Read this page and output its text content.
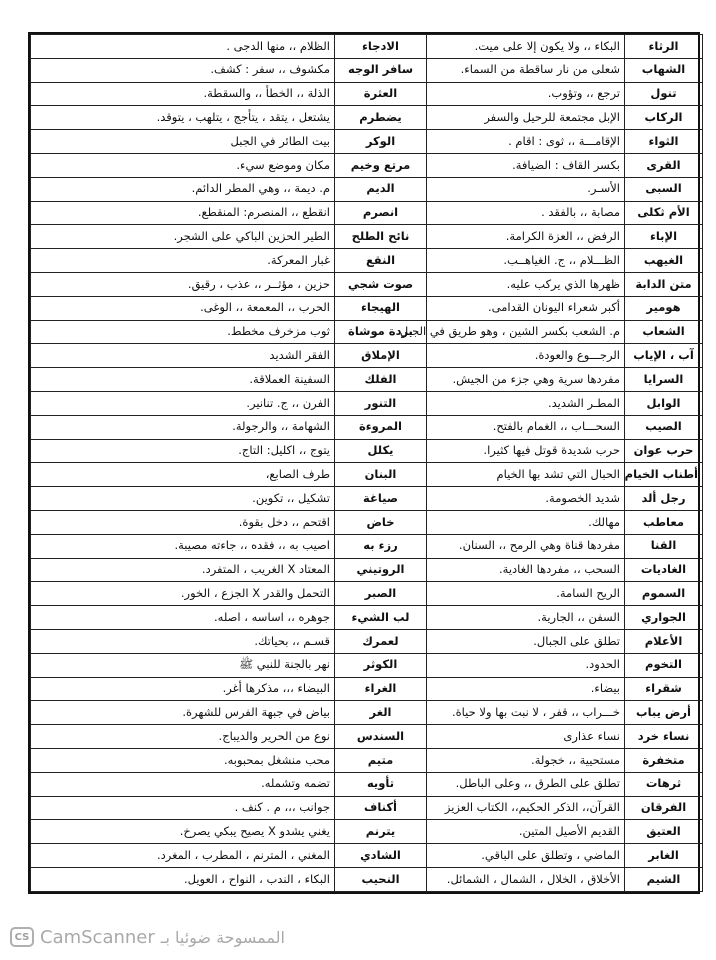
الرثاء	البكاء ،، ولا يكون إلا على ميت.	الادجاء	الظلام ،، منها الدجى .
الشهاب	شعلى من نار ساقطة من السماء.	سافر الوجه	مكشوف ،، سفر : كشف.
تنول	ترجع ،، وتؤوب.	العثرة	الذلة ،، الخطأ ،، والسقطة.
الركاب	الإبل مجتمعة للرحيل والسفر	يضطرم	يشتعل ، يتقد ، يتأجج ، يتلهب ، يتوقد.
الثواء	الإقامـــة ،، ثوى : اقام .	الوكر	بيت الطائر في الجبل
القرى	بكسر القاف : الضيافة.	مرتع وخيم	مكان وموضع سيء.
السبى	الأسـر.	الديم	م. ديمة ،، وهي المطر الدائم.
الأم ثكلى	مصابة ،، بالفقد .	انصرم	انقطع ،، المنصرم: المنقطع.
الإباء	الرفض ،، العزة الكرامة.	نائح الطلح	الطير الحزين الباكي على الشجر.
الغيهب	الظـــلام ،، ج. الغياهــب.	النقع	غبار المعركة.
متن الدابة	ظهرها الذي يركب عليه.	صوت شجي	حزين ، مؤثــر ،، عذب ، رقيق.
هومير	أكبر شعراء اليونان القدامى.	الهيجاء	الحرب ،، المعمعة ،، الوغى.
الشعاب	م. الشعب بكسر الشين ، وهو طريق في الجبل	بردة موشاة	ثوب مزخرف مخطط.
آب ، الإياب	الرجـــوع والعودة.	الإملاق	الفقر الشديد
السرايا	مفردها سرية وهي جزء من الجيش.	الفلك	السفينة العملاقة.
الوابل	المطـر الشديد.	التنور	الفرن ،، ج. تنانير.
الصيب	السحـــاب ،، الغمام بالفتح.	المروءة	الشهامة ،، والرجولة.
حرب عوان	حرب شديدة قوتل فيها كثيرا.	يكلل	يتوج ،، اكليل: التاج.
أطناب الخيام	الحبال التي تشد بها الخيام	البنان	طرف الصابع،
رجل ألد	شديد الخصومة.	صياغة	تشكيل ،، تكوين.
معاطب	مهالك.	خاض	اقتحم ،، دخل بقوة.
القنا	مفردها قناة وهي الرمح ،، السنان.	رزء به	اصيب به ،، فقده ،، جاءته مصيبة.
الغاديات	السحب ،، مفردها الغادية.	الروتيني	المعتاد X الغريب ، المتفرد.
السموم	الريح السامة.	الصبر	التحمل والقدر X الجزع ، الخور.
الجواري	السفن ،، الجارية.	لب الشيء	جوهره ،، اساسه ، اصله.
الأعلام	تطلق على الجبال.	لعمرك	قسـم ،، بحياتك.
التخوم	الحدود.	الكوثر	نهر بالجنة للنبي ﷺ
شقراء	بيضاء.	الغراء	البيضاء ،،، مذكرها أغر.
أرض يباب	خـــراب ،، قفر ، لا نبت بها ولا حياة.	الغر	بياض في جبهة الفرس للشهرة.
نساء خرد	نساء عذارى	السندس	نوع من الحرير والديباج.
متخفرة	مستحيية ،، خجولة.	متيم	محب منشغل بمحبوبه.
ثرهات	تطلق على الطرق ،، وعلى الباطل.	تأويه	تضمه وتشمله.
الفرقان	القرآن،، الذكر الحكيم،، الكتاب العزيز	أكناف	جوانب ،،، م . كنف .
العتيق	القديم الأصيل المتين.	يترنم	يغني يشدو X يصيح يبكي يصرخ.
الغابر	الماضي ، وتطلق على الباقي.	الشادي	المغني ، المترنم ، المطرب ، المغرد.
الشيم	الأخلاق ، الخلال ، الشمال ، الشمائل.	النحيب	البكاء ، الندب ، النواح ، العويل.
CS CamScanner الممسوحة ضوئيا بـ
